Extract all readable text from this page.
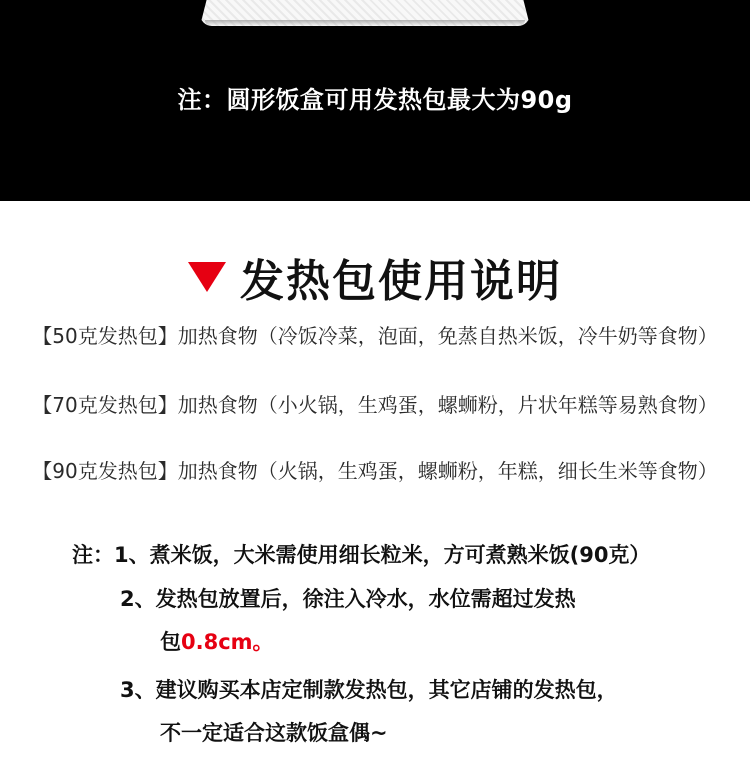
注：圆形饭盒可用发热包最大为90g
发热包使用说明
【50克发热包】加热食物（冷饭冷菜，泡面，免蒸自热米饭，冷牛奶等食物）
【70克发热包】加热食物（小火锅，生鸡蛋，螺蛳粉，片状年糕等易熟食物）
【90克发热包】加热食物（火锅，生鸡蛋，螺蛳粉，年糕，细长生米等食物）
注：1、煮米饭，大米需使用细长粒米，方可煮熟米饭(90克）
2、发热包放置后，徐注入冷水，水位需超过发热
包0.8cm。
3、建议购买本店定制款发热包，其它店铺的发热包，
不一定适合这款饭盒偶~
